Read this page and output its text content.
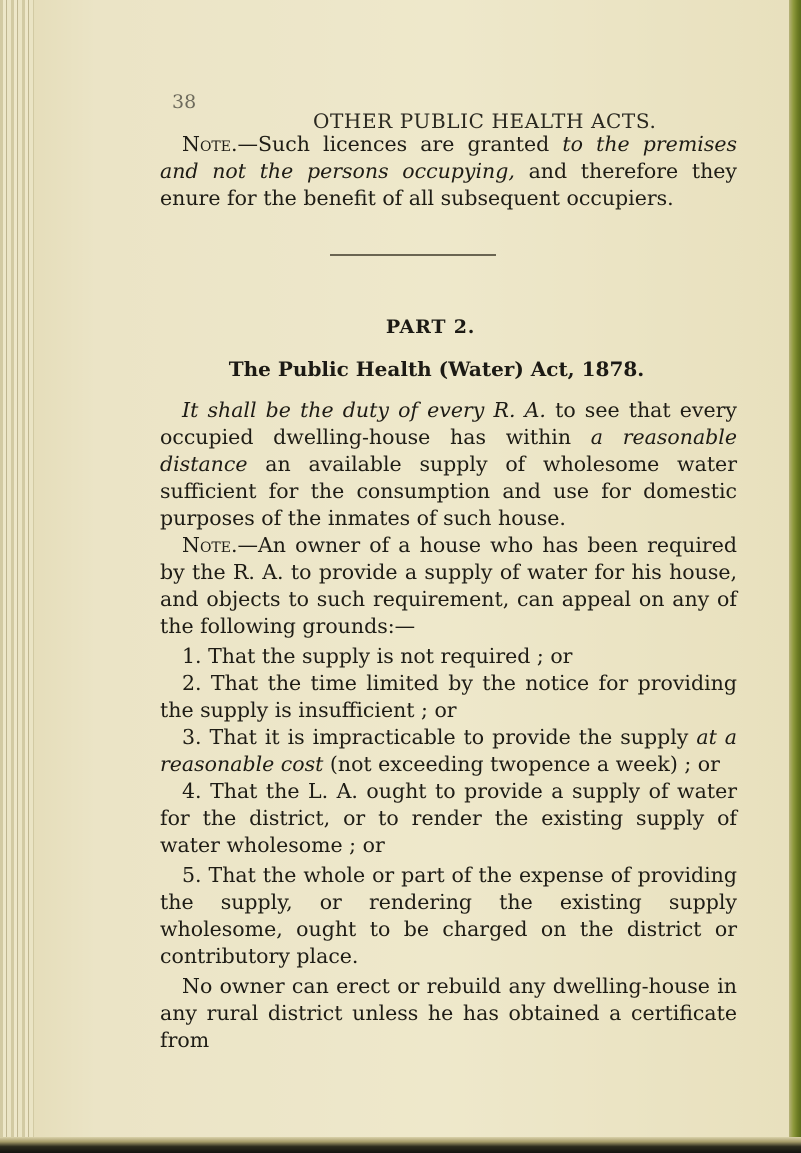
38
OTHER PUBLIC HEALTH ACTS.
Note.—Such licences are granted to the premises and not the persons occupying, and therefore they enure for the benefit of all subsequent occupiers.
PART 2.
The Public Health (Water) Act, 1878.
It shall be the duty of every R. A. to see that every occupied dwelling-house has within a reasonable distance an available supply of wholesome water sufficient for the consumption and use for domestic purposes of the inmates of such house.
Note.—An owner of a house who has been required by the R. A. to provide a supply of water for his house, and objects to such requirement, can appeal on any of the following grounds:—
1. That the supply is not required ; or
2. That the time limited by the notice for providing the supply is insufficient ; or
3. That it is impracticable to provide the supply at a reasonable cost (not exceeding twopence a week) ; or
4. That the L. A. ought to provide a supply of water for the district, or to render the existing supply of water wholesome ; or
5. That the whole or part of the expense of providing the supply, or rendering the existing supply wholesome, ought to be charged on the district or contributory place.
No owner can erect or rebuild any dwelling-house in any rural district unless he has obtained a certificate from
